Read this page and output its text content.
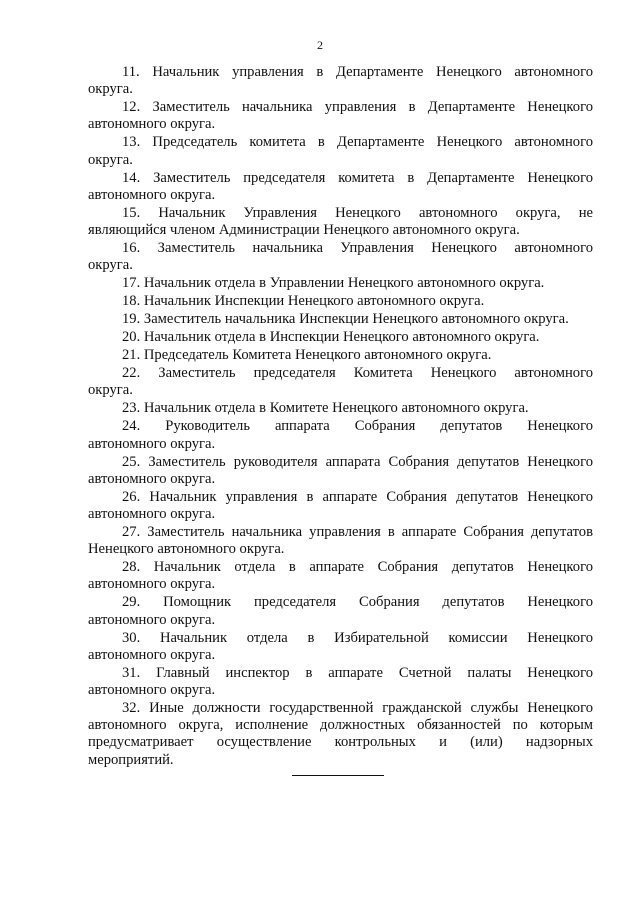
2
11. Начальник управления в Департаменте Ненецкого автономного
округа.
12. Заместитель начальника управления в Департаменте Ненецкого
автономного округа.
13. Председатель комитета в Департаменте Ненецкого автономного
округа.
14. Заместитель председателя комитета в Департаменте Ненецкого
автономного округа.
15. Начальник Управления Ненецкого автономного округа, не
являющийся членом Администрации Ненецкого автономного округа.
16. Заместитель начальника Управления Ненецкого автономного
округа.
17. Начальник отдела в Управлении Ненецкого автономного округа.
18. Начальник Инспекции Ненецкого автономного округа.
19. Заместитель начальника Инспекции Ненецкого автономного округа.
20. Начальник отдела в Инспекции Ненецкого автономного округа.
21. Председатель Комитета Ненецкого автономного округа.
22. Заместитель председателя Комитета Ненецкого автономного
округа.
23. Начальник отдела в Комитете Ненецкого автономного округа.
24. Руководитель аппарата Собрания депутатов Ненецкого
автономного округа.
25. Заместитель руководителя аппарата Собрания депутатов Ненецкого
автономного округа.
26. Начальник управления в аппарате Собрания депутатов Ненецкого
автономного округа.
27. Заместитель начальника управления в аппарате Собрания депутатов
Ненецкого автономного округа.
28. Начальник отдела в аппарате Собрания депутатов Ненецкого
автономного округа.
29. Помощник председателя Собрания депутатов Ненецкого
автономного округа.
30. Начальник отдела в Избирательной комиссии Ненецкого
автономного округа.
31. Главный инспектор в аппарате Счетной палаты Ненецкого
автономного округа.
32. Иные должности государственной гражданской службы Ненецкого
автономного округа, исполнение должностных обязанностей по которым
предусматривает осуществление контрольных и (или) надзорных
мероприятий.
